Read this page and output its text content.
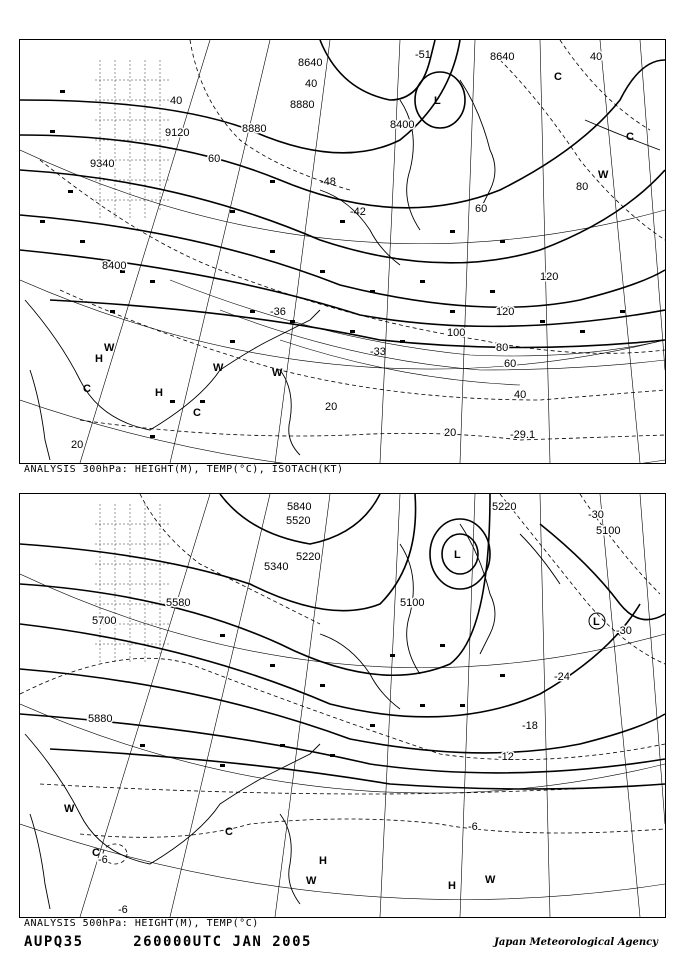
8640	8640
8400
8880
9120
9340
8400
8880
40
40
40
60
120
120
100
80
60
40
20
20
20
60
80
-51
-48
-42
-36
-33
-29.1
L
C
C
C
W
W
H
H
W	W
C
ANALYSIS 300hPa: HEIGHT(M), TEMP(°C), ISOTACH(KT)
5520
5840
5220
5340
5100
5220
5580
5700
5100
5880
-30
-30
-24
-18
-12
-6
-6
-6
L
L
W
C
H
H	W
W
C
ANALYSIS 500hPa: HEIGHT(M), TEMP(°C)
AUPQ35	260000UTC JAN 2005	Japan Meteorological Agency
